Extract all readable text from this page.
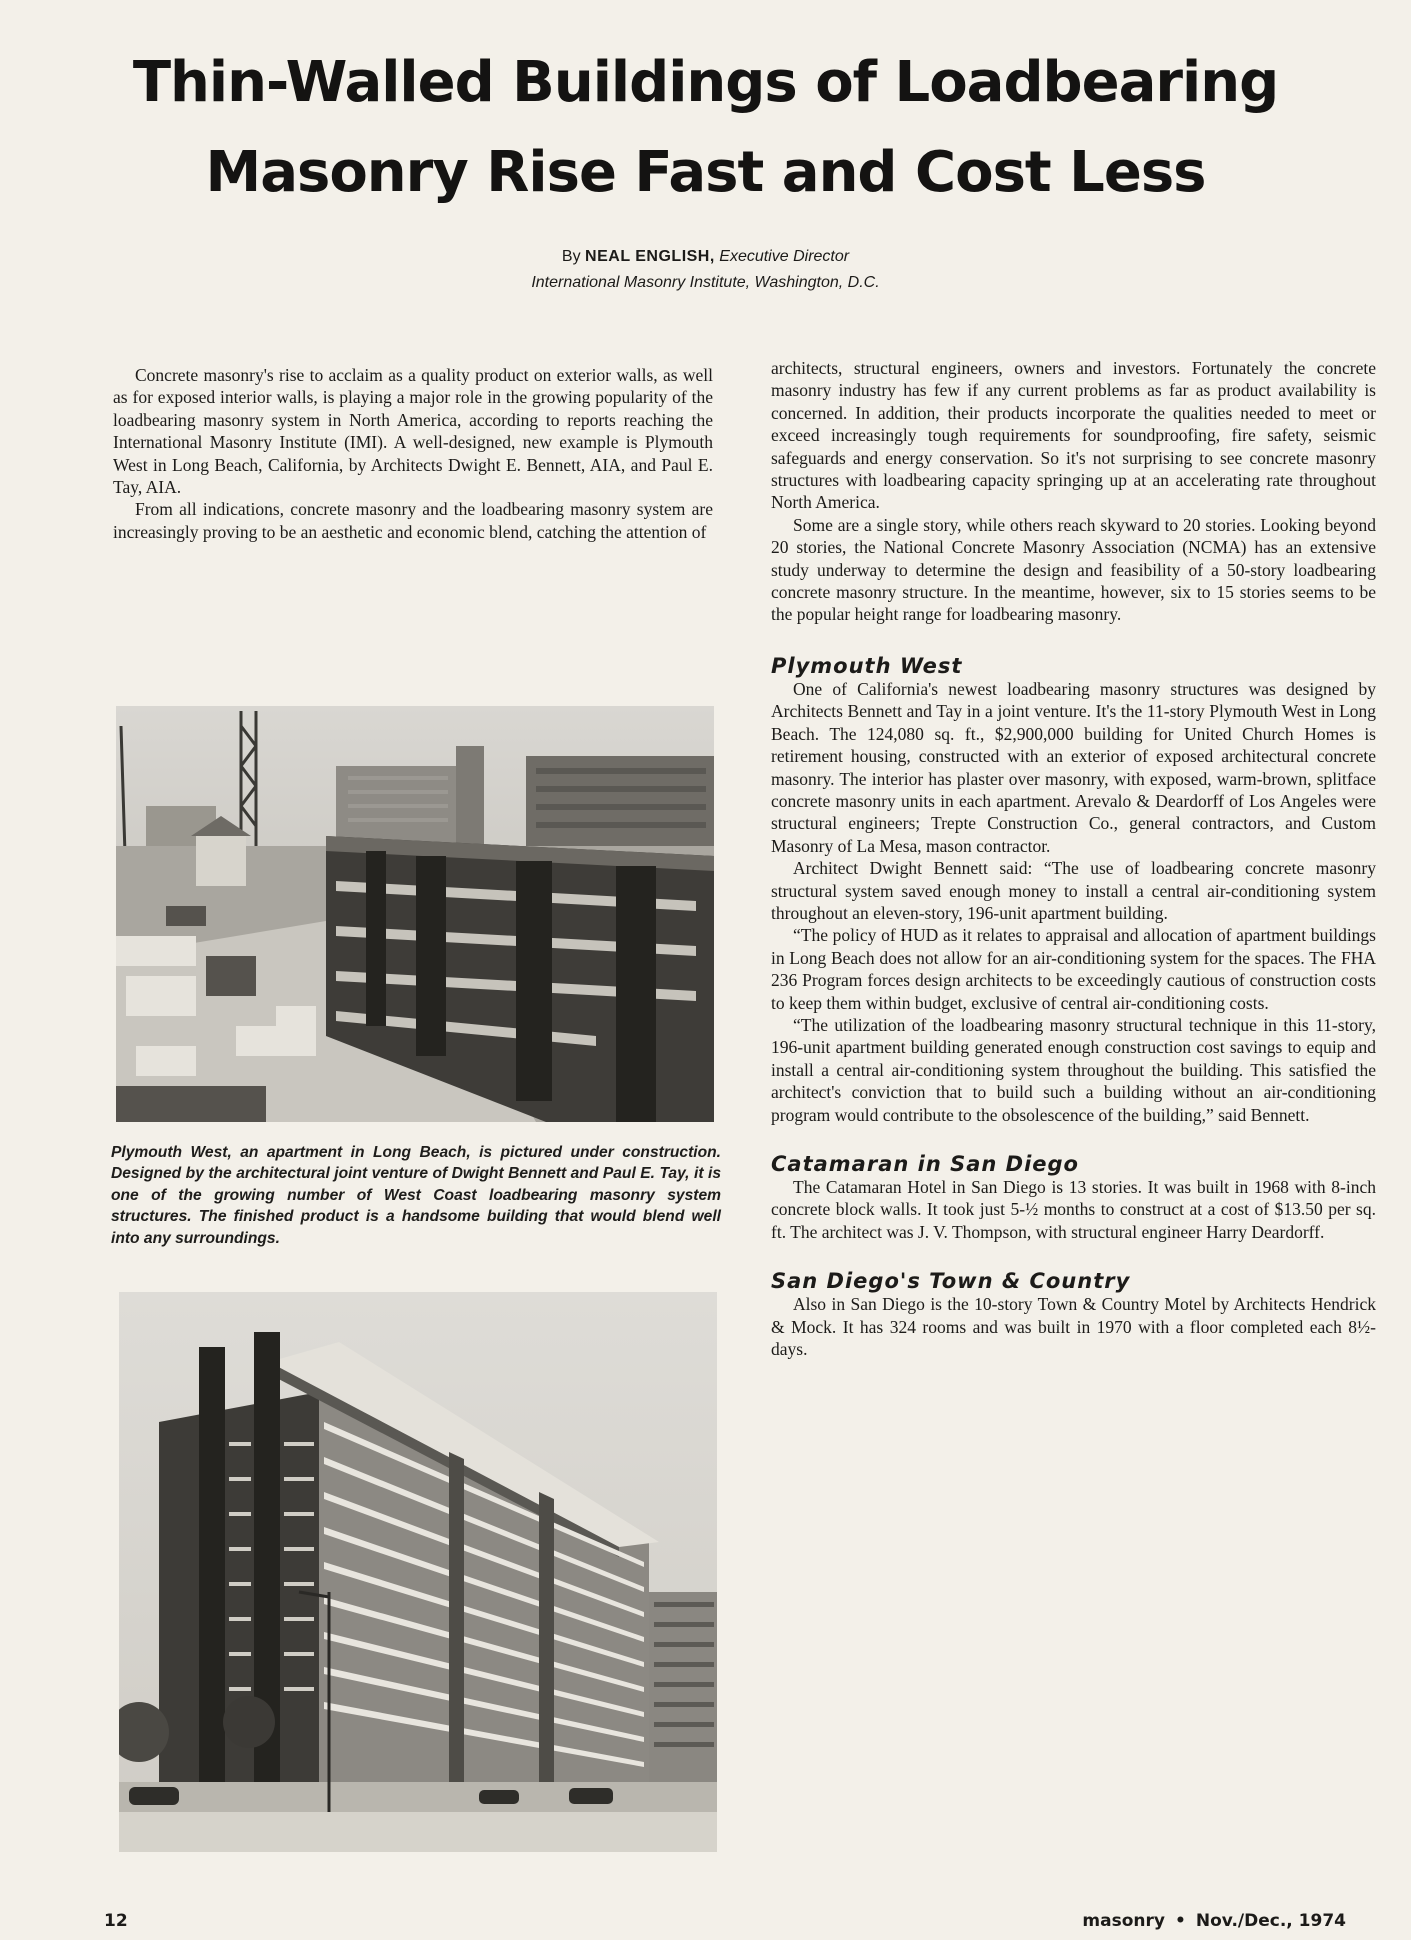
Thin-Walled Buildings of Loadbearing
Masonry Rise Fast and Cost Less
By NEAL ENGLISH, Executive Director
International Masonry Institute, Washington, D.C.

Concrete masonry's rise to acclaim as a quality product on exterior walls, as well as for exposed interior walls, is playing a major role in the growing popularity of the loadbearing masonry system in North America, according to reports reaching the International Masonry Institute (IMI). A well-designed, new example is Plymouth West in Long Beach, California, by Architects Dwight E. Bennett, AIA, and Paul E. Tay, AIA.

From all indications, concrete masonry and the loadbearing masonry system are increasingly proving to be an aesthetic and economic blend, catching the attention of

Plymouth West, an apartment in Long Beach, is pictured under construction. Designed by the architectural joint venture of Dwight Bennett and Paul E. Tay, it is one of the growing number of West Coast loadbearing masonry system structures. The finished product is a handsome building that would blend well into any surroundings.

architects, structural engineers, owners and investors. Fortunately the concrete masonry industry has few if any current problems as far as product availability is concerned. In addition, their products incorporate the qualities needed to meet or exceed increasingly tough requirements for soundproofing, fire safety, seismic safeguards and energy conservation. So it's not surprising to see concrete masonry structures with loadbearing capacity springing up at an accelerating rate throughout North America.

Some are a single story, while others reach skyward to 20 stories. Looking beyond 20 stories, the National Concrete Masonry Association (NCMA) has an extensive study underway to determine the design and feasibility of a 50-story loadbearing concrete masonry structure. In the meantime, however, six to 15 stories seems to be the popular height range for loadbearing masonry.

Plymouth West

One of California's newest loadbearing masonry structures was designed by Architects Bennett and Tay in a joint venture. It's the 11-story Plymouth West in Long Beach. The 124,080 sq. ft., $2,900,000 building for United Church Homes is retirement housing, constructed with an exterior of exposed architectural concrete masonry. The interior has plaster over masonry, with exposed, warm-brown, splitface concrete masonry units in each apartment. Arevalo & Deardorff of Los Angeles were structural engineers; Trepte Construction Co., general contractors, and Custom Masonry of La Mesa, mason contractor.

Architect Dwight Bennett said: “The use of loadbearing concrete masonry structural system saved enough money to install a central air-conditioning system throughout an eleven-story, 196-unit apartment building.

“The policy of HUD as it relates to appraisal and allocation of apartment buildings in Long Beach does not allow for an air-conditioning system for the spaces. The FHA 236 Program forces design architects to be exceedingly cautious of construction costs to keep them within budget, exclusive of central air-conditioning costs.

“The utilization of the loadbearing masonry structural technique in this 11-story, 196-unit apartment building generated enough construction cost savings to equip and install a central air-conditioning system throughout the building. This satisfied the architect's conviction that to build such a building without an air-conditioning program would contribute to the obsolescence of the building,” said Bennett.

Catamaran in San Diego

The Catamaran Hotel in San Diego is 13 stories. It was built in 1968 with 8-inch concrete block walls. It took just 5-½ months to construct at a cost of $13.50 per sq. ft. The architect was J. V. Thompson, with structural engineer Harry Deardorff.

San Diego's Town & Country

Also in San Diego is the 10-story Town & Country Motel by Architects Hendrick & Mock. It has 324 rooms and was built in 1970 with a floor completed each 8½-days.

12	masonry • Nov./Dec., 1974
